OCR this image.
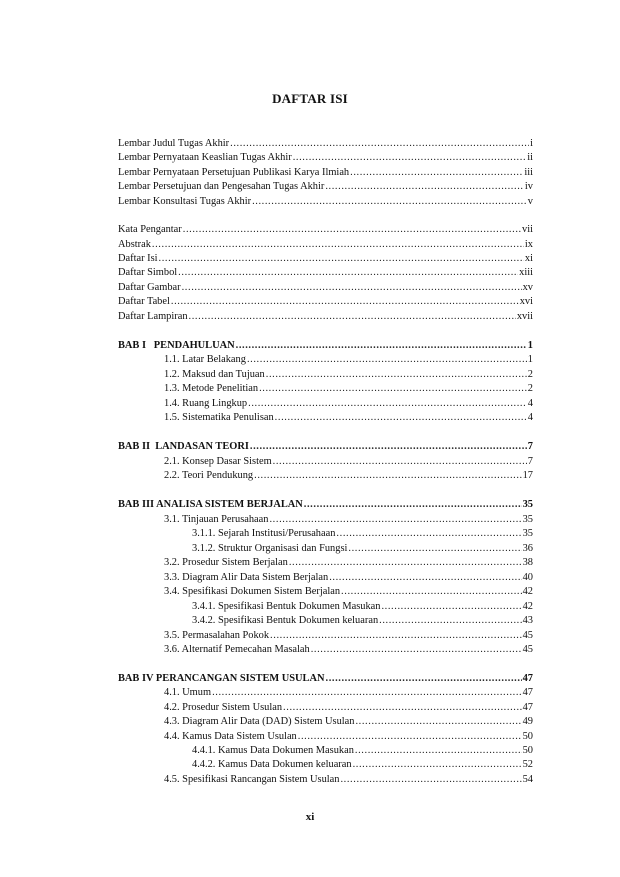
DAFTAR ISI
Lembar Judul Tugas Akhir .....	i
Lembar Pernyataan Keaslian Tugas Akhir .....	ii
Lembar Pernyataan Persetujuan Publikasi Karya Ilmiah .....	iii
Lembar Persetujuan dan Pengesahan Tugas Akhir .....	iv
Lembar Konsultasi Tugas Akhir .....	v
Kata Pengantar .....	vii
Abstrak .....	ix
Daftar Isi .....	xi
Daftar Simbol .....	xiii
Daftar Gambar .....	xv
Daftar Tabel .....	xvi
Daftar Lampiran .....	xvii
BAB I   PENDAHULUAN .....	1
1.1. Latar Belakang .....	1
1.2. Maksud dan Tujuan .....	2
1.3. Metode Penelitian .....	2
1.4. Ruang Lingkup .....	4
1.5. Sistematika Penulisan .....	4
BAB II  LANDASAN TEORI .....	7
2.1. Konsep Dasar Sistem .....	7
2.2. Teori Pendukung .....	17
BAB III ANALISA SISTEM BERJALAN .....	35
3.1. Tinjauan Perusahaan .....	35
3.1.1. Sejarah Institusi/Perusahaan .....	35
3.1.2. Struktur Organisasi dan Fungsi .....	36
3.2. Prosedur Sistem Berjalan .....	38
3.3. Diagram Alir Data Sistem Berjalan .....	40
3.4. Spesifikasi Dokumen Sistem Berjalan .....	42
3.4.1. Spesifikasi Bentuk Dokumen Masukan .....	42
3.4.2. Spesifikasi Bentuk Dokumen keluaran .....	43
3.5. Permasalahan Pokok .....	45
3.6. Alternatif Pemecahan Masalah .....	45
BAB IV PERANCANGAN SISTEM USULAN .....	47
4.1. Umum .....	47
4.2. Prosedur Sistem Usulan .....	47
4.3. Diagram Alir Data (DAD) Sistem Usulan .....	49
4.4. Kamus Data Sistem Usulan .....	50
4.4.1. Kamus Data Dokumen Masukan .....	50
4.4.2. Kamus Data Dokumen keluaran .....	52
4.5. Spesifikasi Rancangan Sistem Usulan .....	54
xi
